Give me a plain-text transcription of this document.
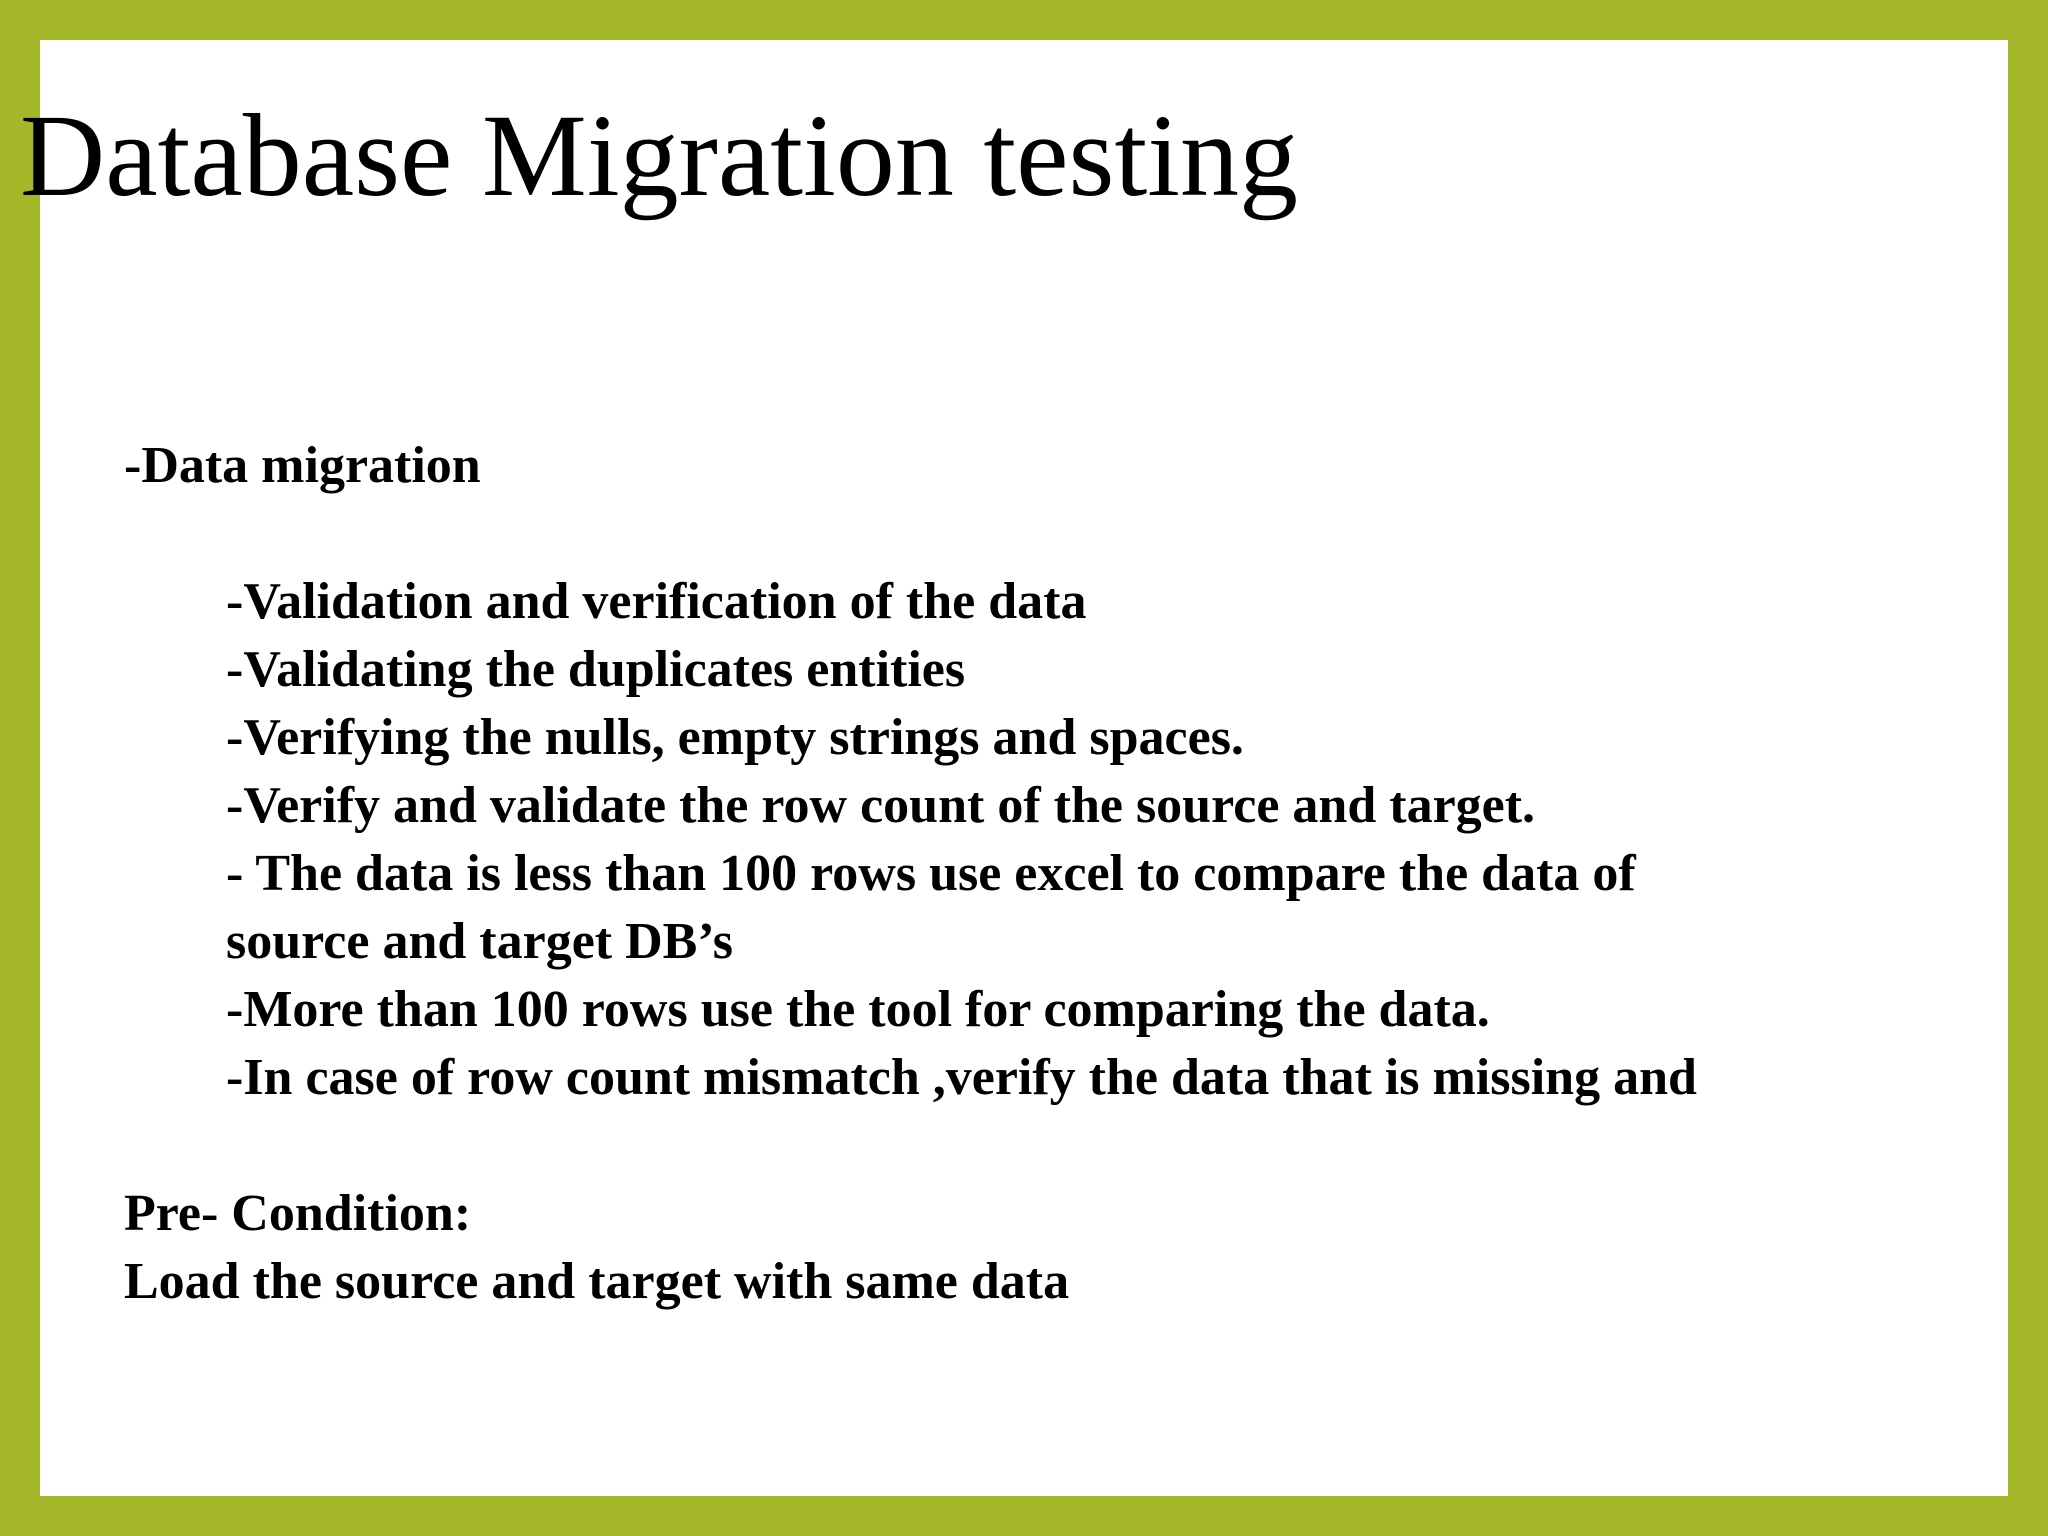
Database Migration testing
-Data migration
-Validation and verification of the data
-Validating the duplicates entities
-Verifying the nulls, empty strings and spaces.
-Verify and validate the row count of the source and target.
- The data is less than 100 rows use excel to compare the data of
source and target DB’s
-More than 100 rows use the tool for comparing the data.
-In case of row count mismatch ,verify the data that is missing and
Pre- Condition:
Load the source and target with same data
